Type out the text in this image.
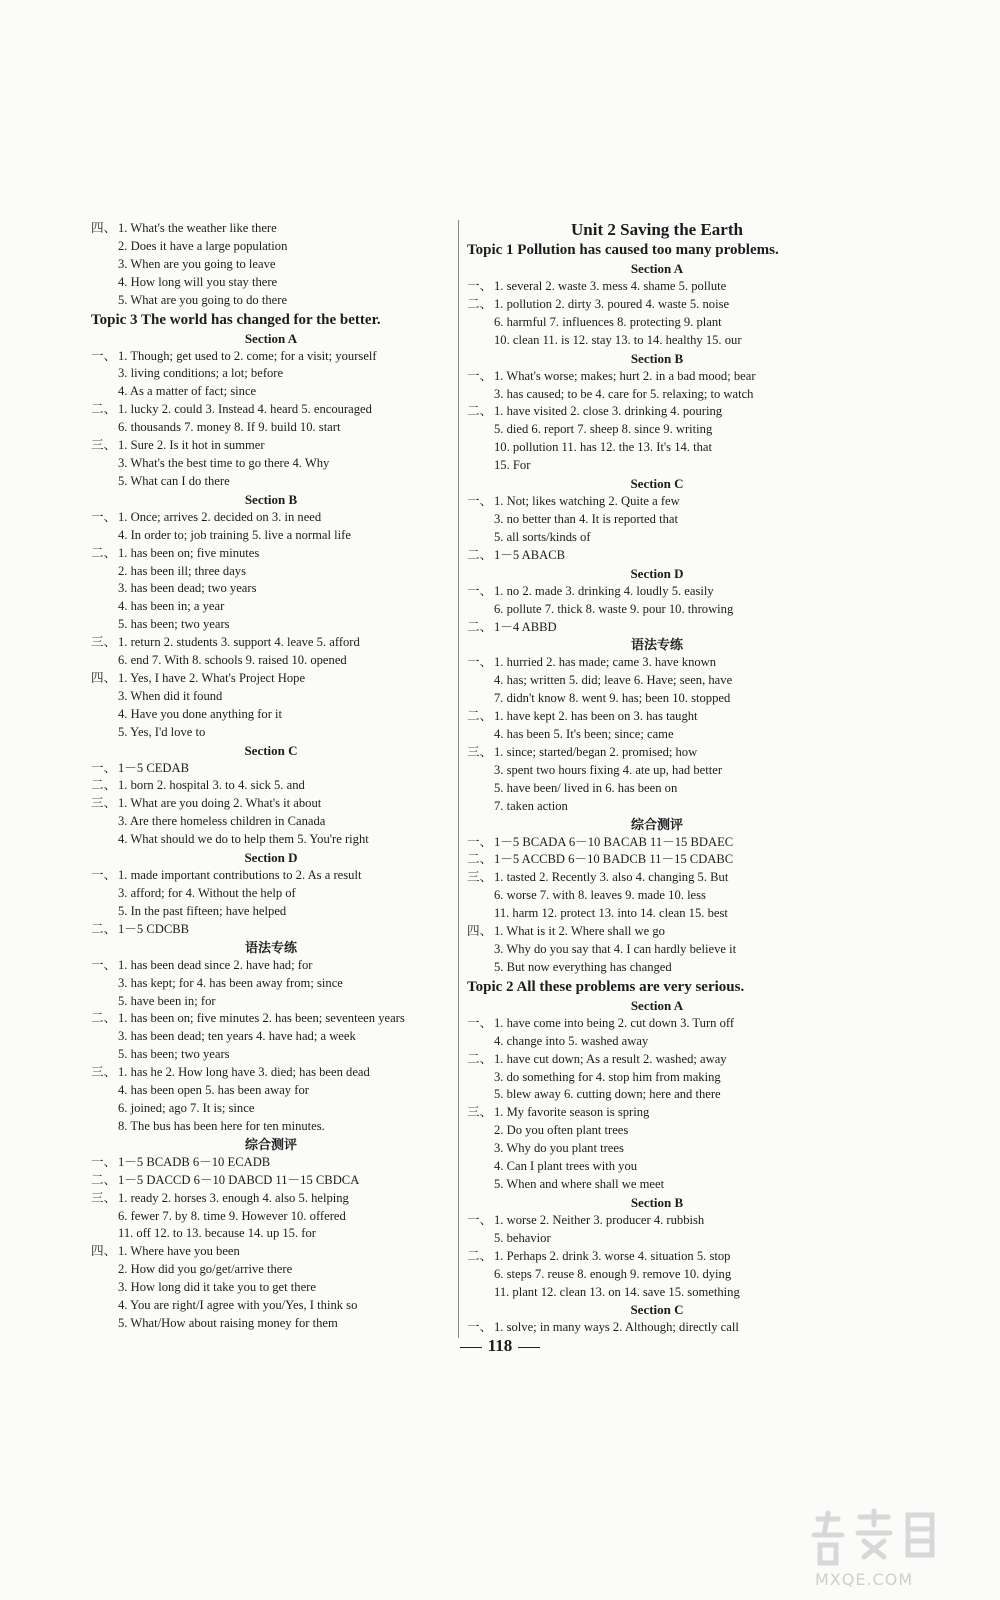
四、 1. What's the weather like there
2. Does it have a large population
3. When are you going to leave
4. How long will you stay there
5. What are you going to do there
Topic 3 The world has changed for the better.
Section A
一、 1. Though; get used to 2. come; for a visit; yourself
3. living conditions; a lot; before
4. As a matter of fact; since
二、 1. lucky 2. could 3. Instead 4. heard 5. encouraged
6. thousands 7. money 8. If 9. build 10. start
三、 1. Sure 2. Is it hot in summer
3. What's the best time to go there 4. Why
5. What can I do there
Section B
一、 1. Once; arrives 2. decided on 3. in need
4. In order to; job training 5. live a normal life
二、 1. has been on; five minutes
2. has been ill; three days
3. has been dead; two years
4. has been in; a year
5. has been; two years
三、 1. return 2. students 3. support 4. leave 5. afford
6. end 7. With 8. schools 9. raised 10. opened
四、 1. Yes, I have 2. What's Project Hope
3. When did it found
4. Have you done anything for it
5. Yes, I'd love to
Section C
一、 1－5 CEDAB
二、 1. born 2. hospital 3. to 4. sick 5. and
三、 1. What are you doing 2. What's it about
3. Are there homeless children in Canada
4. What should we do to help them 5. You're right
Section D
一、 1. made important contributions to 2. As a result
3. afford; for 4. Without the help of
5. In the past fifteen; have helped
二、 1－5 CDCBB
语法专练
一、 1. has been dead since 2. have had; for
3. has kept; for 4. has been away from; since
5. have been in; for
二、 1. has been on; five minutes 2. has been; seventeen years
3. has been dead; ten years 4. have had; a week
5. has been; two years
三、 1. has he 2. How long have 3. died; has been dead
4. has been open 5. has been away for
6. joined; ago 7. It is; since
8. The bus has been here for ten minutes.
综合测评
一、 1－5 BCADB 6－10 ECADB
二、 1－5 DACCD 6－10 DABCD 11－15 CBDCA
三、 1. ready 2. horses 3. enough 4. also 5. helping
6. fewer 7. by 8. time 9. However 10. offered
11. off 12. to 13. because 14. up 15. for
四、 1. Where have you been
2. How did you go/get/arrive there
3. How long did it take you to get there
4. You are right/I agree with you/Yes, I think so
5. What/How about raising money for them
Unit 2 Saving the Earth
Topic 1 Pollution has caused too many problems.
Section A
一、 1. several 2. waste 3. mess 4. shame 5. pollute
二、 1. pollution 2. dirty 3. poured 4. waste 5. noise
6. harmful 7. influences 8. protecting 9. plant
10. clean 11. is 12. stay 13. to 14. healthy 15. our
Section B
一、 1. What's worse; makes; hurt 2. in a bad mood; bear
3. has caused; to be 4. care for 5. relaxing; to watch
二、 1. have visited 2. close 3. drinking 4. pouring
5. died 6. report 7. sheep 8. since 9. writing
10. pollution 11. has 12. the 13. It's 14. that
15. For
Section C
一、 1. Not; likes watching 2. Quite a few
3. no better than 4. It is reported that
5. all sorts/kinds of
二、 1－5 ABACB
Section D
一、 1. no 2. made 3. drinking 4. loudly 5. easily
6. pollute 7. thick 8. waste 9. pour 10. throwing
二、 1－4 ABBD
语法专练
一、 1. hurried 2. has made; came 3. have known
4. has; written 5. did; leave 6. Have; seen, have
7. didn't know 8. went 9. has; been 10. stopped
二、 1. have kept 2. has been on 3. has taught
4. has been 5. It's been; since; came
三、 1. since; started/began 2. promised; how
3. spent two hours fixing 4. ate up, had better
5. have been/ lived in 6. has been on
7. taken action
综合测评
一、 1－5 BCADA 6－10 BACAB 11－15 BDAEC
二、 1－5 ACCBD 6－10 BADCB 11－15 CDABC
三、 1. tasted 2. Recently 3. also 4. changing 5. But
6. worse 7. with 8. leaves 9. made 10. less
11. harm 12. protect 13. into 14. clean 15. best
四、 1. What is it 2. Where shall we go
3. Why do you say that 4. I can hardly believe it
5. But now everything has changed
Topic 2 All these problems are very serious.
Section A
一、 1. have come into being 2. cut down 3. Turn off
4. change into 5. washed away
二、 1. have cut down; As a result 2. washed; away
3. do something for 4. stop him from making
5. blew away 6. cutting down; here and there
三、 1. My favorite season is spring
2. Do you often plant trees
3. Why do you plant trees
4. Can I plant trees with you
5. When and where shall we meet
Section B
一、 1. worse 2. Neither 3. producer 4. rubbish
5. behavior
二、 1. Perhaps 2. drink 3. worse 4. situation 5. stop
6. steps 7. reuse 8. enough 9. remove 10. dying
11. plant 12. clean 13. on 14. save 15. something
Section C
一、 1. solve; in many ways 2. Although; directly call
118
MXQE.COM
